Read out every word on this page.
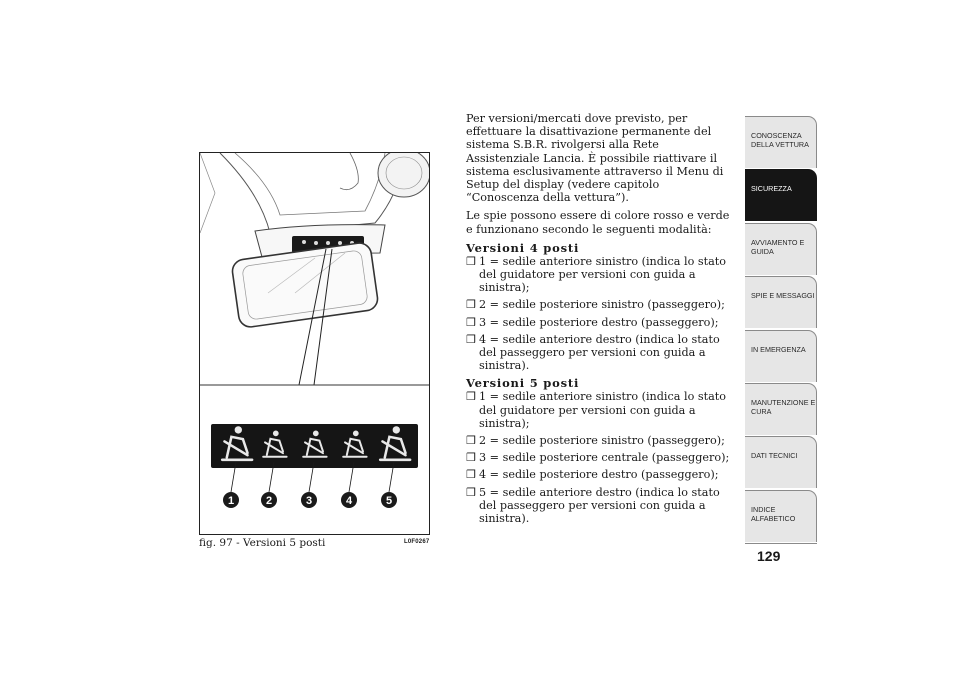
1	2	3	4	5
fig. 97 - Versioni 5 posti	L0F0267

Per versioni/mercati dove previsto, per effettuare la disattivazione permanente del sistema S.B.R. rivolgersi alla Rete Assistenziale Lancia. È possibile riattivare il sistema esclusivamente attraverso il Menu di Setup del display (vedere capitolo “Conoscenza della vettura”).

Le spie possono essere di colore rosso e verde e funzionano secondo le seguenti modalità:

Versioni 4 posti
❒ 1 = sedile anteriore sinistro (indica lo stato del guidatore per versioni con guida a sinistra);
❒ 2 = sedile posteriore sinistro (passeggero);
❒ 3 = sedile posteriore destro (passeggero);
❒ 4 = sedile anteriore destro (indica lo stato del passeggero per versioni con guida a sinistra).
Versioni 5 posti
❒ 1 = sedile anteriore sinistro (indica lo stato del guidatore per versioni con guida a sinistra);
❒ 2 = sedile posteriore sinistro (passeggero);
❒ 3 = sedile posteriore centrale (passeggero);
❒ 4 = sedile posteriore destro (passeggero);
❒ 5 = sedile anteriore destro (indica lo stato del passeggero per versioni con guida a sinistra).
CONOSCENZA DELLA VETTURA
SICUREZZA
AVVIAMENTO E GUIDA
SPIE E MESSAGGI
IN EMERGENZA
MANUTENZIONE E CURA
DATI TECNICI
INDICE ALFABETICO
129
